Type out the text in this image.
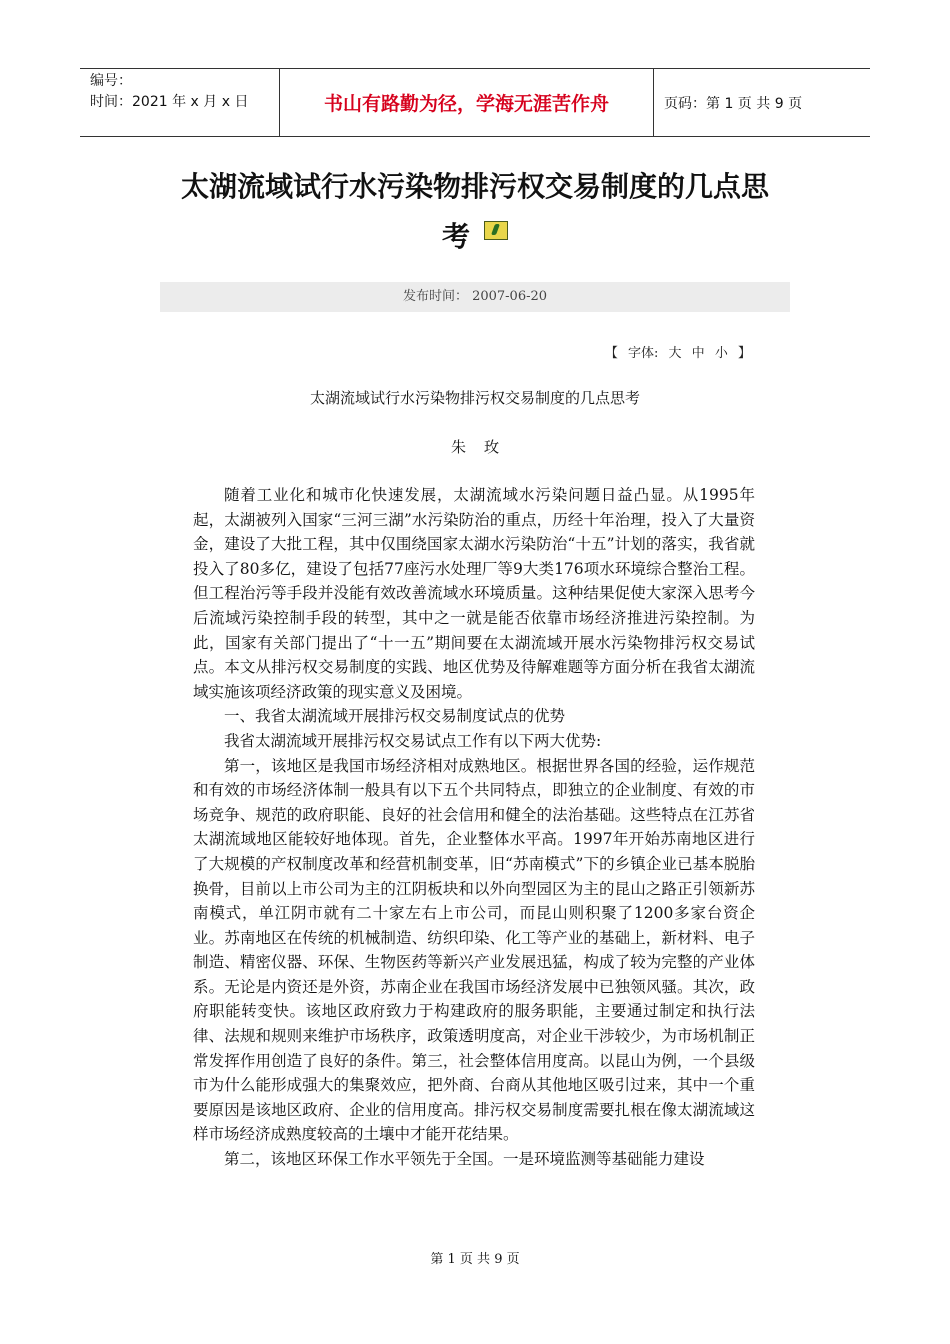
编号：
时间：2021 年 x 月 x 日	书山有路勤为径，学海无涯苦作舟	页码：第 1 页 共 9 页
太湖流域试行水污染物排污权交易制度的几点思
考
发布时间： 2007-06-20
【 字体: 大 中 小 】
太湖流域试行水污染物排污权交易制度的几点思考
朱玫

随着工业化和城市化快速发展，太湖流域水污染问题日益凸显。从1995年起，太湖被列入国家“三河三湖”水污染防治的重点，历经十年治理，投入了大量资金，建设了大批工程，其中仅围绕国家太湖水污染防治“十五”计划的落实，我省就投入了80多亿，建设了包括77座污水处理厂等9大类176项水环境综合整治工程。但工程治污等手段并没能有效改善流域水环境质量。这种结果促使大家深入思考今后流域污染控制手段的转型，其中之一就是能否依靠市场经济推进污染控制。为此，国家有关部门提出了“十一五”期间要在太湖流域开展水污染物排污权交易试点。本文从排污权交易制度的实践、地区优势及待解难题等方面分析在我省太湖流域实施该项经济政策的现实意义及困境。

一、我省太湖流域开展排污权交易制度试点的优势

我省太湖流域开展排污权交易试点工作有以下两大优势:

第一，该地区是我国市场经济相对成熟地区。根据世界各国的经验，运作规范和有效的市场经济体制一般具有以下五个共同特点，即独立的企业制度、有效的市场竞争、规范的政府职能、良好的社会信用和健全的法治基础。这些特点在江苏省太湖流域地区能较好地体现。首先，企业整体水平高。1997年开始苏南地区进行了大规模的产权制度改革和经营机制变革，旧“苏南模式”下的乡镇企业已基本脱胎换骨，目前以上市公司为主的江阴板块和以外向型园区为主的昆山之路正引领新苏南模式，单江阴市就有二十家左右上市公司，而昆山则积聚了1200多家台资企业。苏南地区在传统的机械制造、纺织印染、化工等产业的基础上，新材料、电子制造、精密仪器、环保、生物医药等新兴产业发展迅猛，构成了较为完整的产业体系。无论是内资还是外资，苏南企业在我国市场经济发展中已独领风骚。其次，政府职能转变快。该地区政府致力于构建政府的服务职能，主要通过制定和执行法律、法规和规则来维护市场秩序，政策透明度高，对企业干涉较少，为市场机制正常发挥作用创造了良好的条件。第三，社会整体信用度高。以昆山为例，一个县级市为什么能形成强大的集聚效应，把外商、台商从其他地区吸引过来，其中一个重要原因是该地区政府、企业的信用度高。排污权交易制度需要扎根在像太湖流域这样市场经济成熟度较高的土壤中才能开花结果。

第二，该地区环保工作水平领先于全国。一是环境监测等基础能力建设

第 1 页 共 9 页
